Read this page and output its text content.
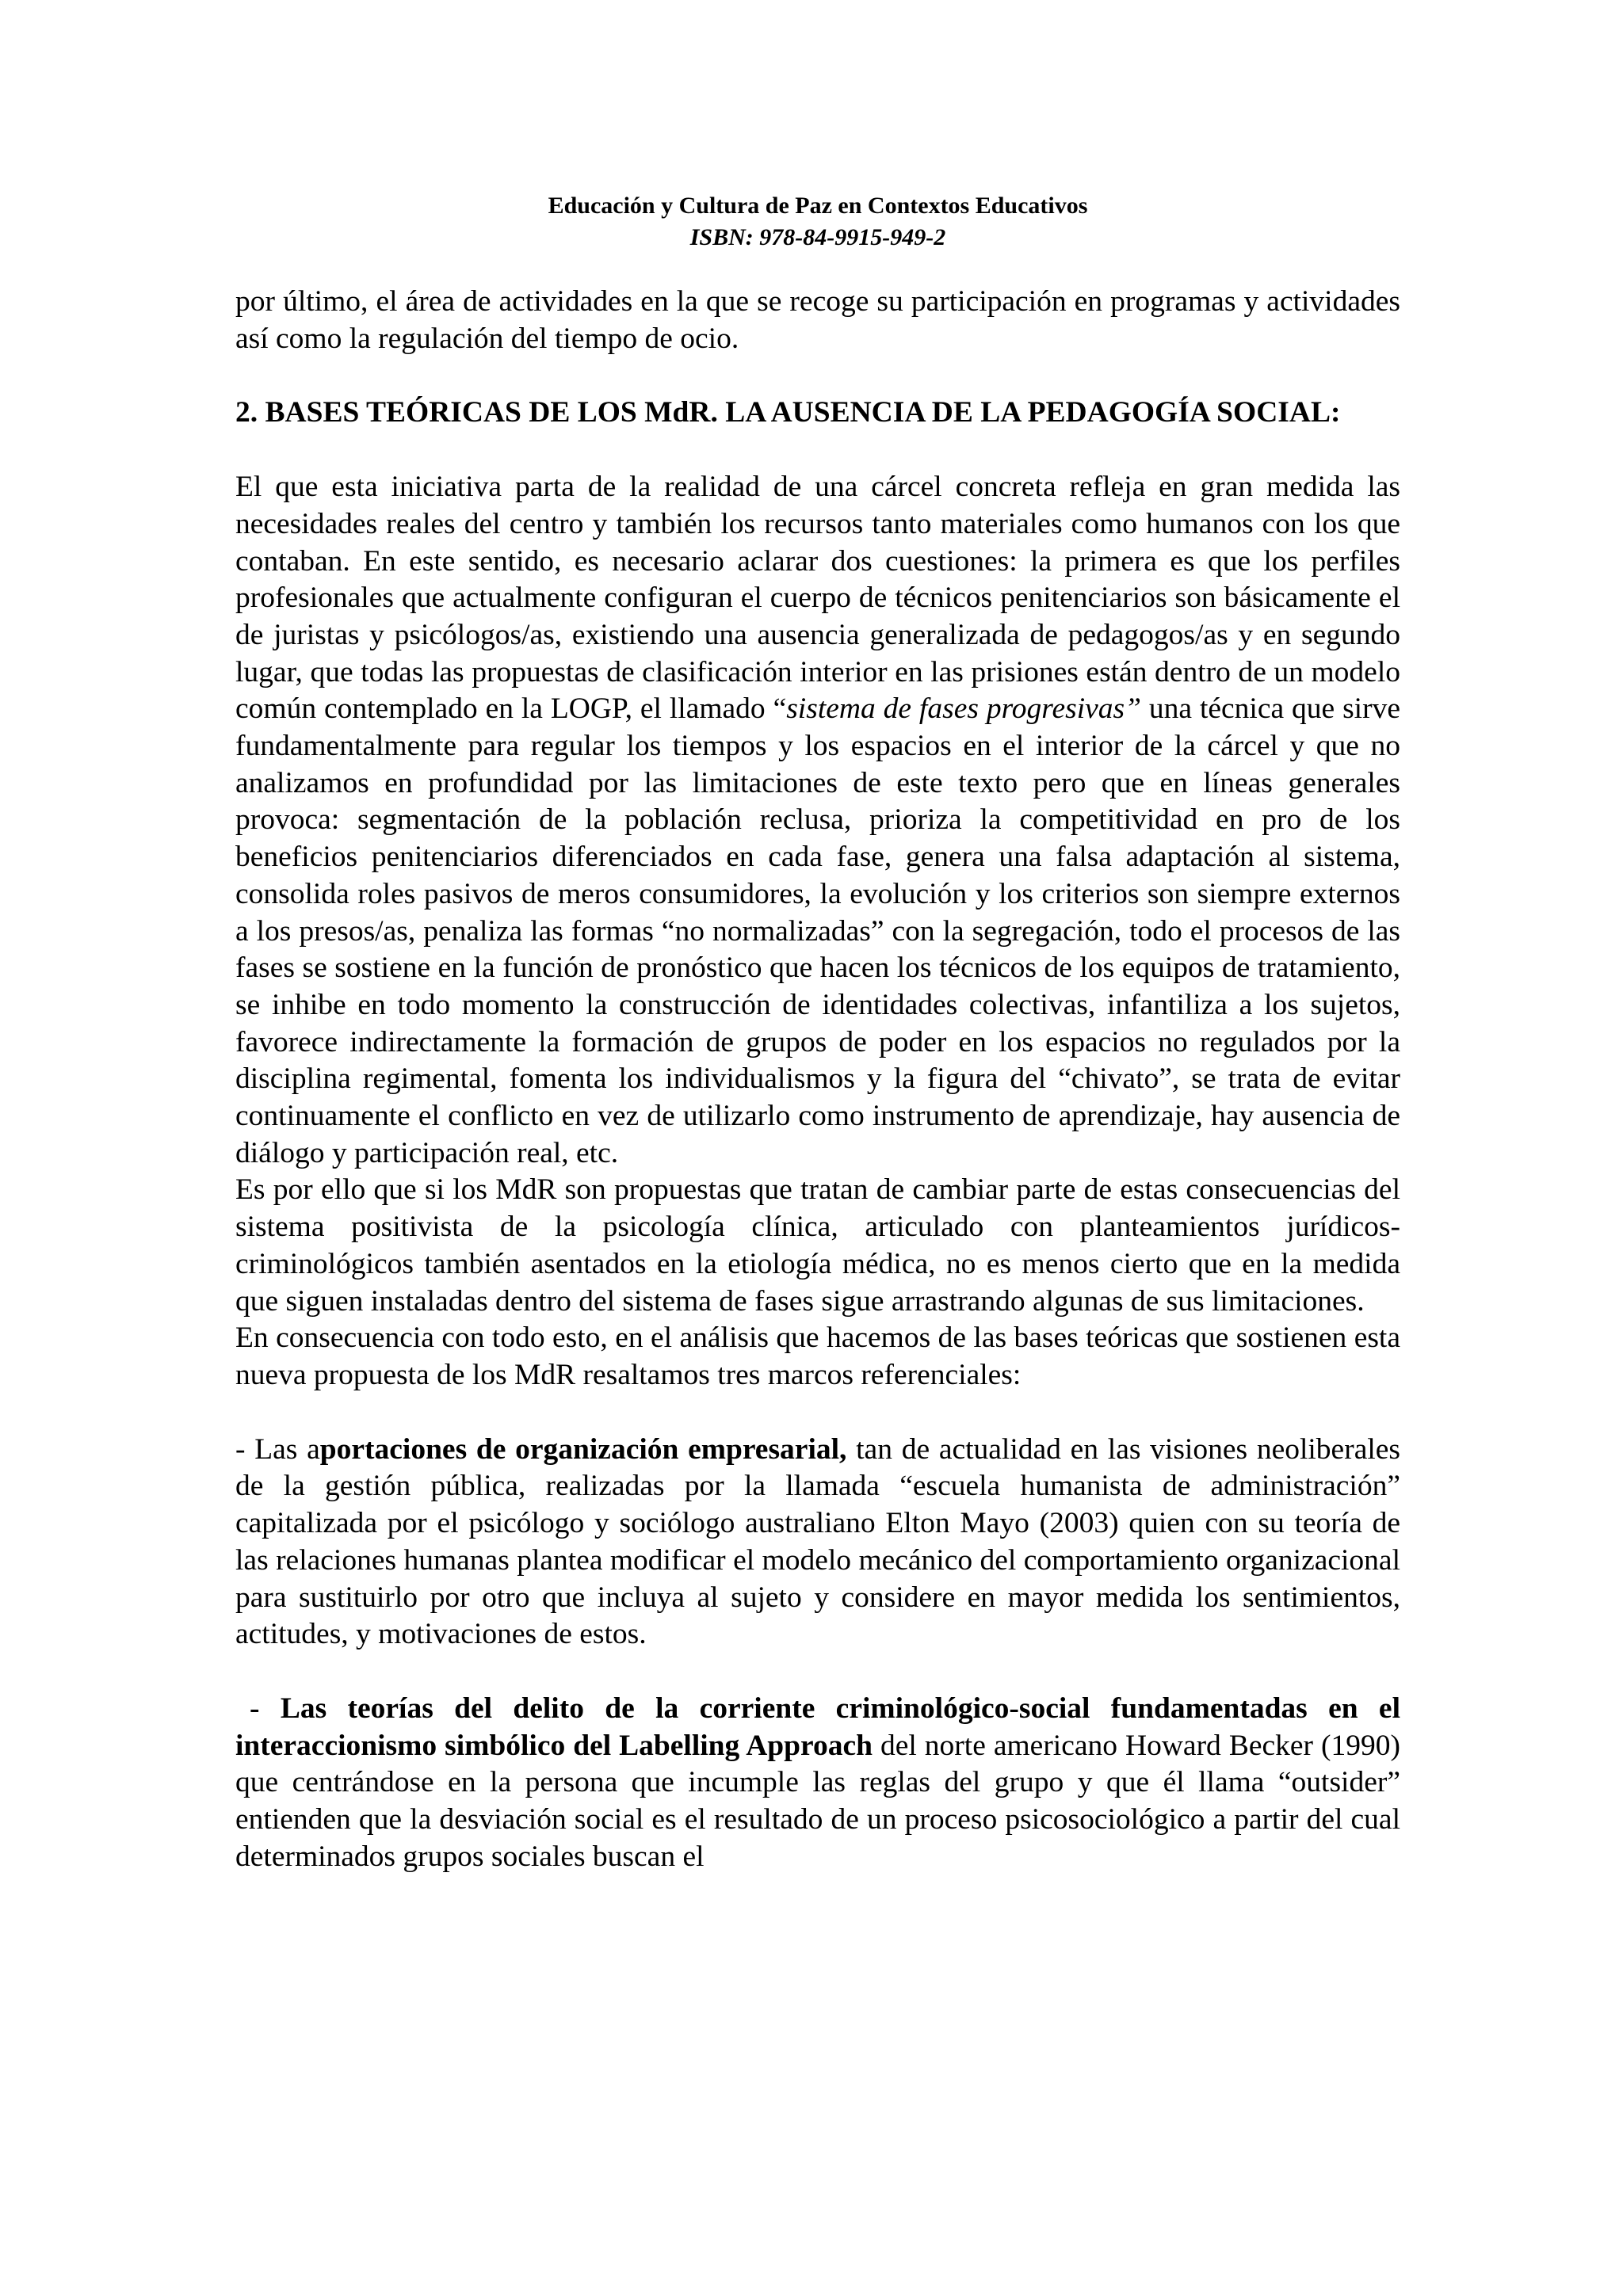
Educación y Cultura de Paz en Contextos Educativos
ISBN: 978-84-9915-949-2

por último, el área de actividades en la que se recoge su participación en programas y actividades así como la regulación del tiempo de ocio.

2. BASES TEÓRICAS DE LOS MdR. LA AUSENCIA DE LA PEDAGOGÍA SOCIAL:

El que esta iniciativa parta de la realidad de una cárcel concreta refleja en gran medida las necesidades reales del centro y también los recursos tanto materiales como humanos con los que contaban. En este sentido, es necesario aclarar dos cuestiones: la primera es que los perfiles profesionales que actualmente configuran el cuerpo de técnicos penitenciarios son básicamente el de juristas y psicólogos/as, existiendo una ausencia generalizada de pedagogos/as y en segundo lugar, que todas las propuestas de clasificación interior en las prisiones están dentro de un modelo común contemplado en la LOGP, el llamado “sistema de fases progresivas” una técnica que sirve fundamentalmente para regular los tiempos y los espacios en el interior de la cárcel y que no analizamos en profundidad por las limitaciones de este texto pero que en líneas generales provoca: segmentación de la población reclusa, prioriza la competitividad en pro de los beneficios penitenciarios diferenciados en cada fase, genera una falsa adaptación al sistema, consolida roles pasivos de meros consumidores, la evolución y los criterios son siempre externos a los presos/as, penaliza las formas “no normalizadas” con la segregación, todo el procesos de las fases se sostiene en la función de pronóstico que hacen los técnicos de los equipos de tratamiento, se inhibe en todo momento la construcción de identidades colectivas, infantiliza a los sujetos, favorece indirectamente la formación de grupos de poder en los espacios no regulados por la disciplina regimental, fomenta los individualismos y la figura del “chivato”, se trata de evitar continuamente el conflicto en vez de utilizarlo como instrumento de aprendizaje, hay ausencia de diálogo y participación real, etc.

Es por ello que si los MdR son propuestas que tratan de cambiar parte de estas consecuencias del sistema positivista de la psicología clínica, articulado con planteamientos jurídicos-criminológicos también asentados en la etiología médica, no es menos cierto que en la medida que siguen instaladas dentro del sistema de fases sigue arrastrando algunas de sus limitaciones.

En consecuencia con todo esto, en el análisis que hacemos de las bases teóricas que sostienen esta nueva propuesta de los MdR resaltamos tres marcos referenciales:

- Las aportaciones de organización empresarial, tan de actualidad en las visiones neoliberales de la gestión pública, realizadas por la llamada “escuela humanista de administración” capitalizada por el psicólogo y sociólogo australiano Elton Mayo (2003) quien con su teoría de las relaciones humanas plantea modificar el modelo mecánico del comportamiento organizacional para sustituirlo por otro que incluya al sujeto y considere en mayor medida los sentimientos, actitudes, y motivaciones de estos.

- Las teorías del delito de la corriente criminológico-social fundamentadas en el interaccionismo simbólico del Labelling Approach del norte americano Howard Becker (1990) que centrándose en la persona que incumple las reglas del grupo y que él llama “outsider” entienden que la desviación social es el resultado de un proceso psicosociológico a partir del cual determinados grupos sociales buscan el
